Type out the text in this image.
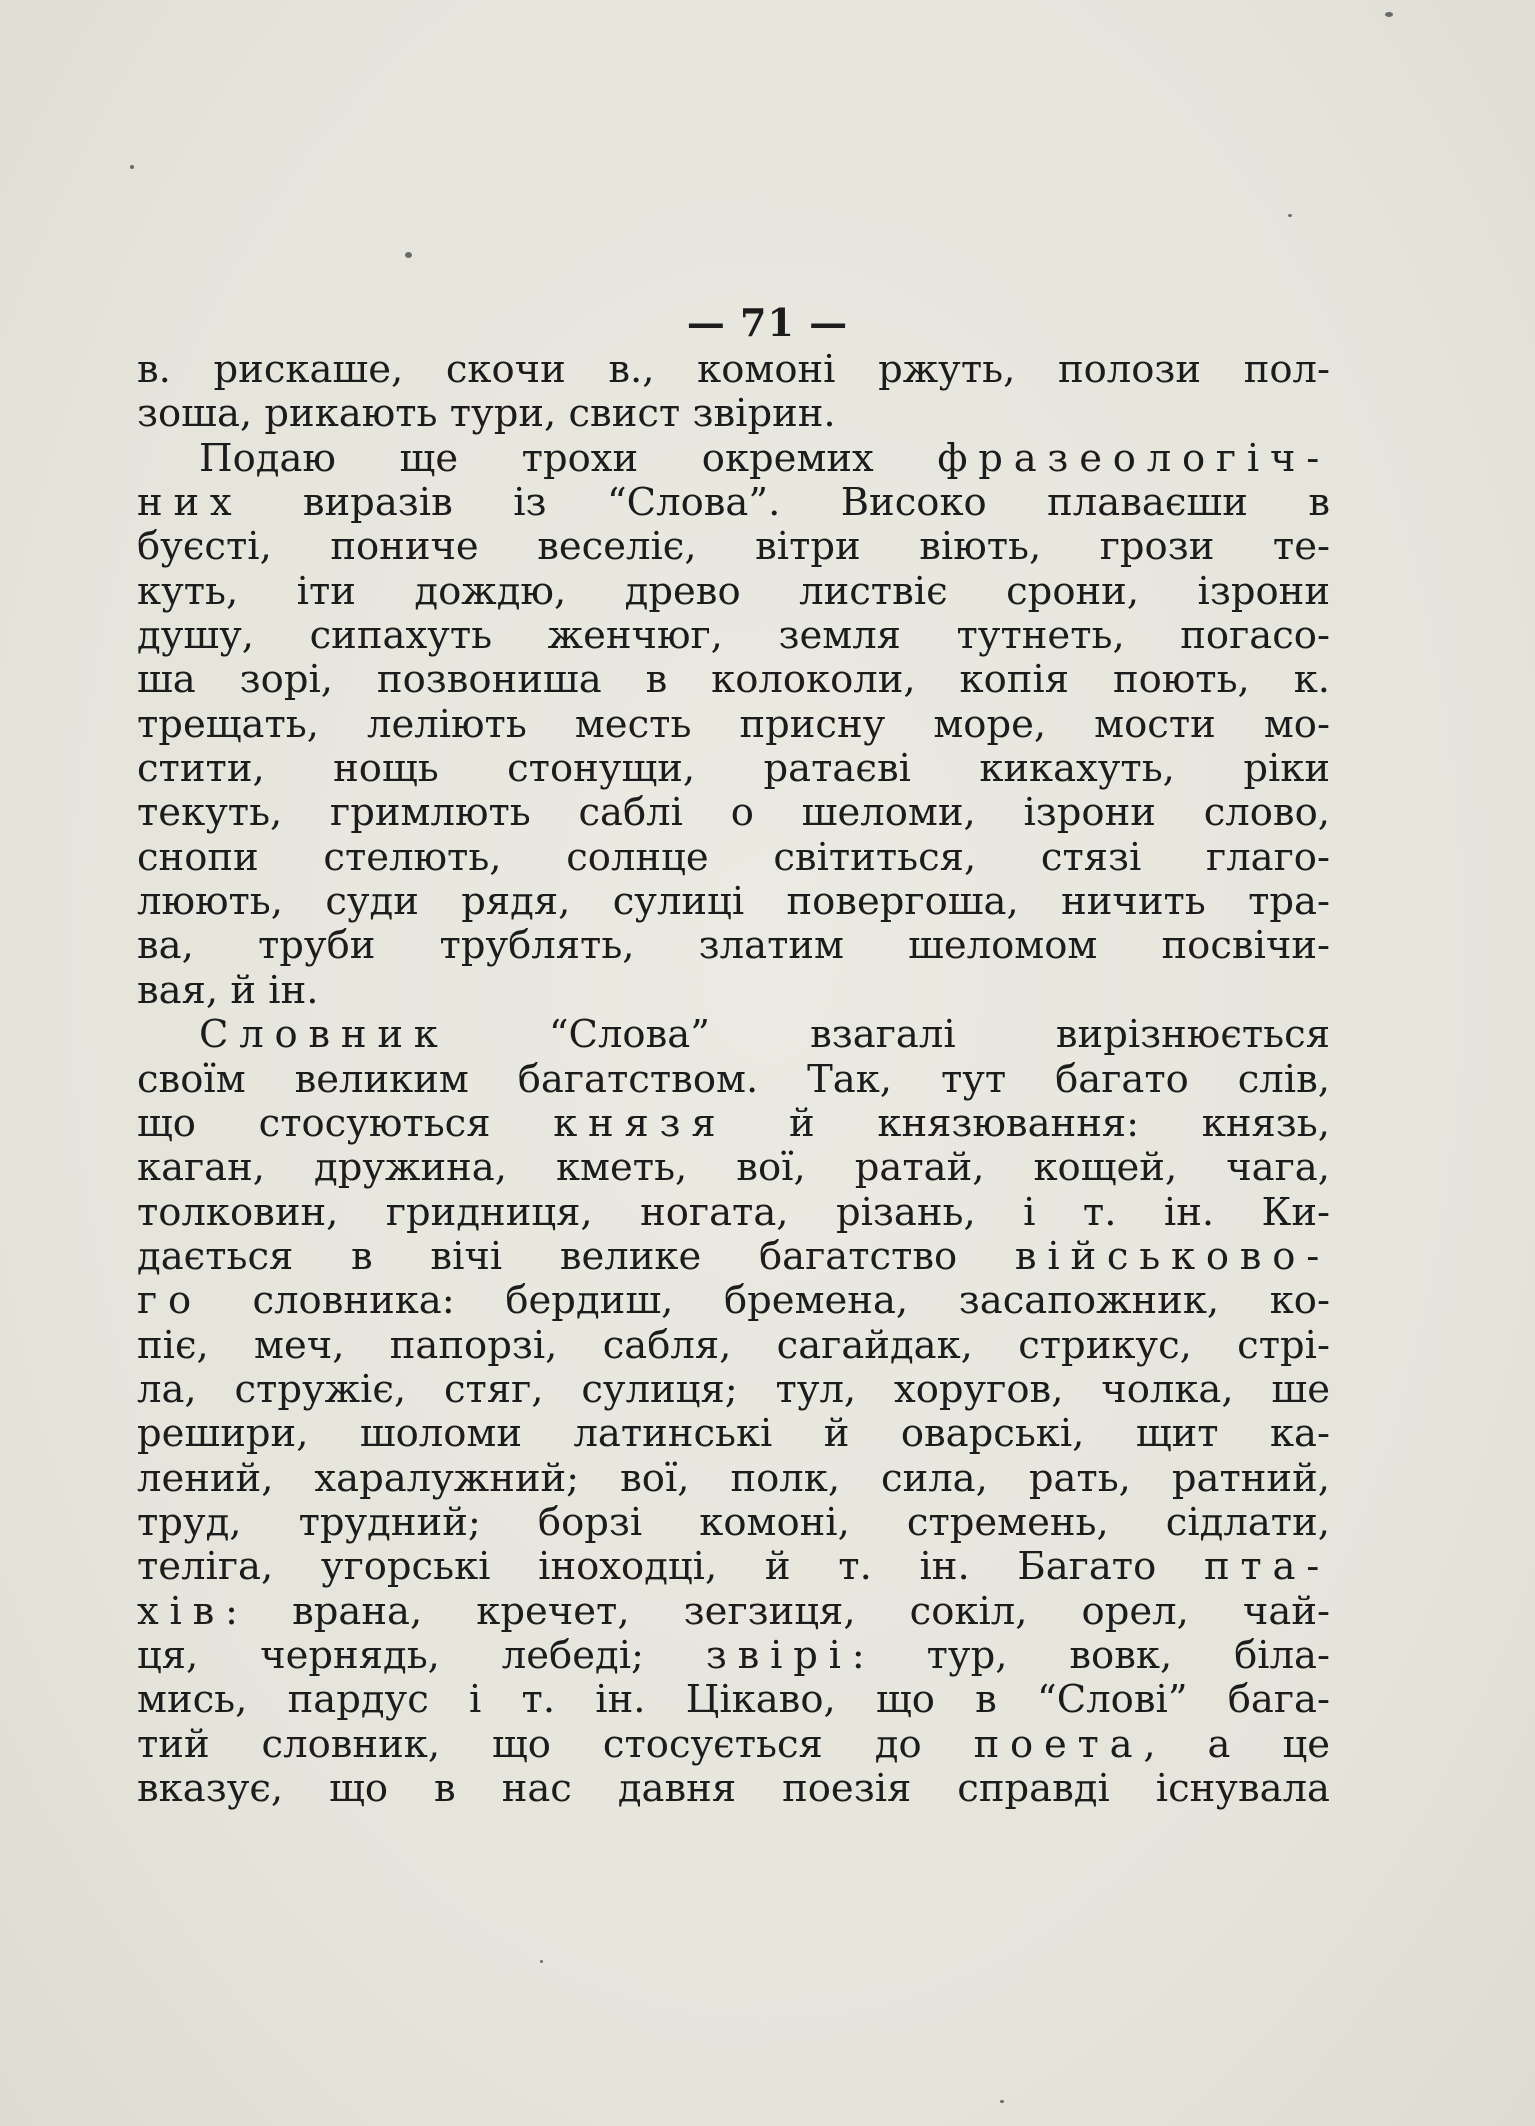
— 71 —
в. рискаше, скочи в., комоні ржуть, полози пол-
зоша, рикають тури, свист звірин.
Подаю ще трохи окремих фразеологіч-
них виразів із “Слова”. Високо плаваєши в
буєсті, пониче веселіє, вітри віють, грози те-
куть, іти дождю, древо листвіє срони, ізрони
душу, сипахуть женчюг, земля тутнеть, погасо-
ша зорі, позвониша в колоколи, копія поють, к.
трещать, леліють месть присну море, мости мо-
стити, нощь стонущи, ратаєві кикахуть, ріки
текуть, гримлють саблі о шеломи, ізрони слово,
снопи стелють, солнце світиться, стязі глаго-
люють, суди рядя, сулиці повергоша, ничить тра-
ва, труби трублять, златим шеломом посвічи-
вая, й ін.
Словник “Слова” взагалі вирізнюється
своїм великим багатством. Так, тут багато слів,
що стосуються князя й князювання: князь,
каган, дружина, кметь, вої, ратай, кощей, чага,
толковин, гридниця, ногата, різань, і т. ін. Ки-
дається в вічі велике багатство військово-
го словника: бердиш, бремена, засапожник, ко-
піє, меч, папорзі, сабля, сагайдак, стрикус, стрі-
ла, стружіє, стяг, сулиця; тул, хоругов, чолка, ше
решири, шоломи латинські й оварські, щит ка-
лений, харалужний; вої, полк, сила, рать, ратний,
труд, трудний; борзі комоні, стремень, сідлати,
теліга, угорські іноходці, й т. ін. Багато пта-
хів: врана, кречет, зегзиця, сокіл, орел, чай-
ця, чернядь, лебеді; звірі: тур, вовк, біла-
мись, пардус і т. ін. Цікаво, що в “Слові” бага-
тий словник, що стосується до поета, а це
вказує, що в нас давня поезія справді існувала
